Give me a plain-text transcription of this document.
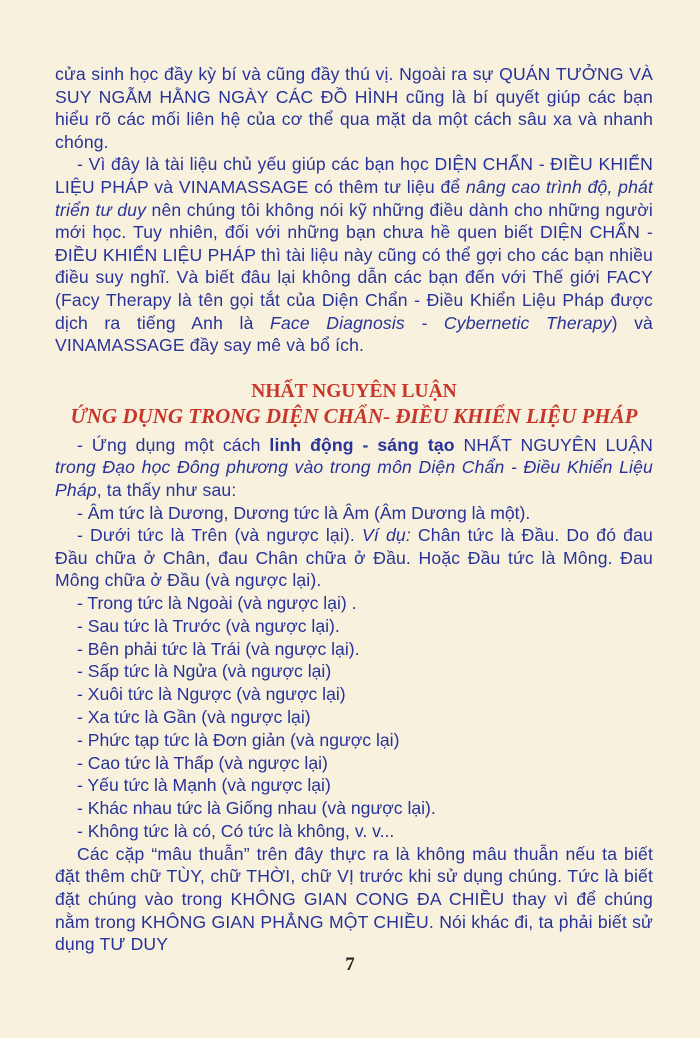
cửa sinh học đầy kỳ bí và cũng đầy thú vị. Ngoài ra sự QUÁN TƯỞNG VÀ SUY NGẪM HẰNG NGÀY CÁC ĐỒ HÌNH cũng là bí quyết giúp các bạn hiểu rõ các mối liên hệ của cơ thể qua mặt da một cách sâu xa và nhanh chóng.

- Vì đây là tài liệu chủ yếu giúp các bạn học DIỆN CHẨN - ĐIỀU KHIỂN LIỆU PHÁP và VINAMASSAGE có thêm tư liệu để nâng cao trình độ, phát triển tư duy nên chúng tôi không nói kỹ những điều dành cho những người mới học. Tuy nhiên, đối với những bạn chưa hề quen biết DIỆN CHẨN - ĐIỀU KHIỂN LIỆU PHÁP thì tài liệu này cũng có thể gợi cho các bạn nhiều điều suy nghĩ. Và biết đâu lại không dẫn các bạn đến với Thế giới FACY (Facy Therapy là tên gọi tắt của Diện Chẩn - Điều Khiển Liệu Pháp được dịch ra tiếng Anh là Face Diagnosis - Cybernetic Therapy) và VINAMASSAGE đầy say mê và bổ ích.

NHẤT NGUYÊN LUẬN

ỨNG DỤNG TRONG DIỆN CHẨN- ĐIỀU KHIỂN LIỆU PHÁP

- Ứng dụng một cách linh động - sáng tạo NHẤT NGUYÊN LUẬN trong Đạo học Đông phương vào trong môn Diện Chẩn - Điều Khiển Liệu Pháp, ta thấy như sau:

- Âm tức là Dương, Dương tức là Âm (Âm Dương là một).

- Dưới tức là Trên (và ngược lại). Ví dụ: Chân tức là Đầu. Do đó đau Đầu chữa ở Chân, đau Chân chữa ở Đầu. Hoặc Đầu tức là Mông. Đau Mông chữa ở Đầu (và ngược lại).

- Trong tức là Ngoài (và ngược lại) .
- Sau tức là Trước (và ngược lại).
- Bên phải tức là Trái (và ngược lại).
- Sấp tức là Ngửa (và ngược lại)
- Xuôi tức là Ngược (và ngược lại)
- Xa tức là Gần (và ngược lại)
- Phức tạp tức là Đơn giản (và ngược lại)
- Cao tức là Thấp (và ngược lại)
- Yếu tức là Mạnh (và ngược lại)
- Khác nhau tức là Giống nhau (và ngược lại).
- Không tức là có, Có tức là không, v. v...

Các cặp “mâu thuẫn” trên đây thực ra là không mâu thuẫn nếu ta biết đặt thêm chữ TÙY, chữ THỜI, chữ VỊ trước khi sử dụng chúng. Tức là biết đặt chúng vào trong KHÔNG GIAN CONG ĐA CHIỀU thay vì để chúng nằm trong KHÔNG GIAN PHẲNG MỘT CHIỀU. Nói khác đi, ta phải biết sử dụng TƯ DUY

7
